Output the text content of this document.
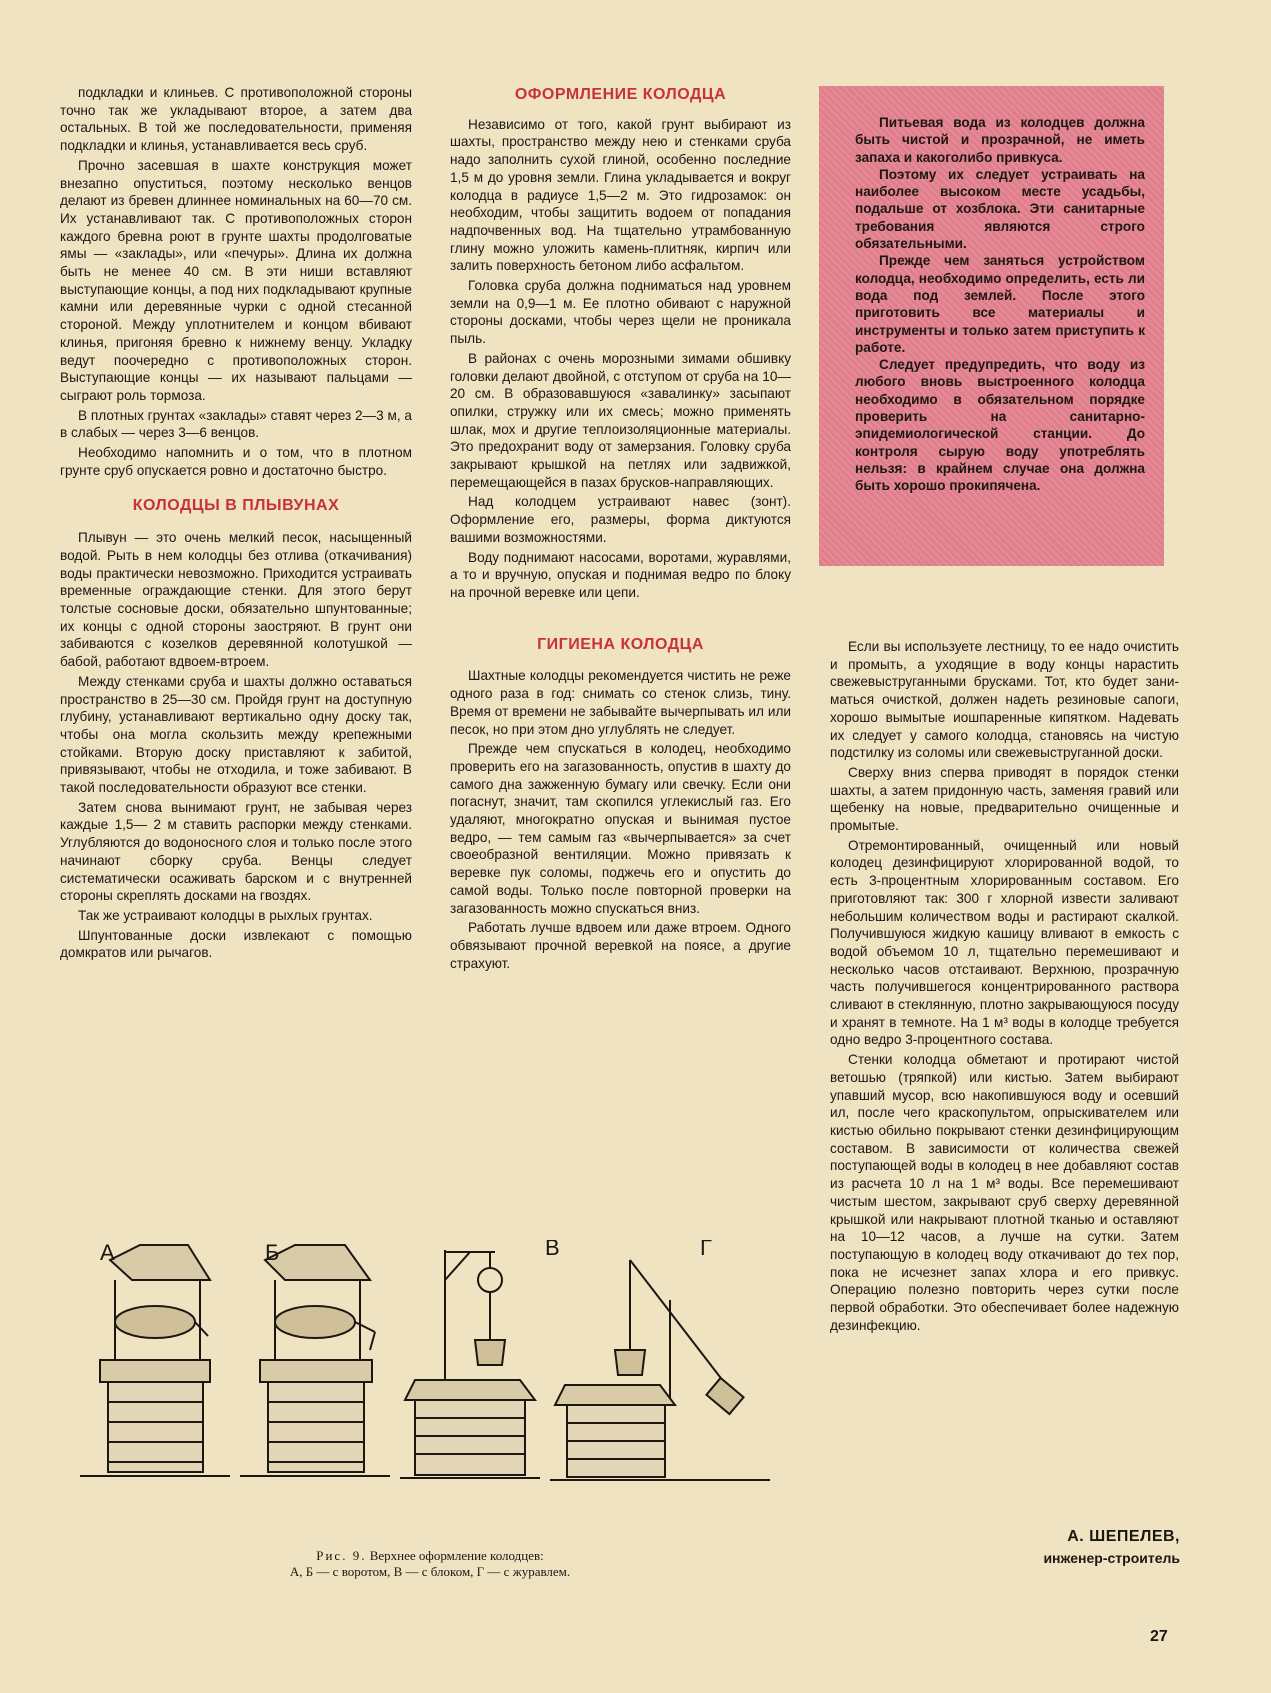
подкладки и клиньев. С противоположной стороны точно так же укладывают второе, а затем два остальных. В той же последовательности, применяя подкладки и клинья, устанавливается весь сруб.

Прочно засевшая в шахте конструкция может внезапно опуститься, поэтому несколько венцов делают из бревен длиннее номинальных на 60—70 см. Их устанавливают так. С противоположных сторон каждого бревна роют в грунте шахты продолговатые ямы — «заклады», или «печуры». Длина их должна быть не менее 40 см. В эти ниши вставляют выступающие концы, а под них подкладывают крупные камни или деревянные чурки с одной стесанной стороной. Между уплотнителем и концом вбивают клинья, пригоняя бревно к нижнему венцу. Укладку ведут поочередно с противоположных сторон. Выступающие концы — их называют пальцами — сыграют роль тормоза.

В плотных грунтах «заклады» ставят через 2—3 м, а в слабых — через 3—6 венцов.

Необходимо напомнить и о том, что в плотном грунте сруб опускается ровно и достаточно быстро.

КОЛОДЦЫ В ПЛЫВУНАХ

Плывун — это очень мелкий песок, насыщенный водой. Рыть в нем колодцы без отлива (откачивания) воды практически невозможно. Приходится устраивать временные ограждающие стенки. Для этого берут толстые сосновые доски, обязательно шпунтованные; их концы с одной стороны заостряют. В грунт они забиваются с козелков деревянной колотушкой — бабой, работают вдвоем-втроем.

Между стенками сруба и шахты должно оставаться пространство в 25—30 см. Пройдя грунт на доступную глубину, устанавливают вертикально одну доску так, чтобы она могла скользить между крепежными стойками. Вторую доску приставляют к забитой, привязывают, чтобы не отходила, и тоже забивают. В такой последовательности образуют все стенки.

Затем снова вынимают грунт, не забывая через каждые 1,5— 2 м ставить распорки между стенками. Углубляются до водоносного слоя и только после этого начинают сборку сруба. Венцы следует систематически осаживать барском и с внутренней стороны скреплять досками на гвоздях.

Так же устраивают колодцы в рыхлых грунтах.

Шпунтованные доски извлекают с помощью домкратов или рычагов.

ОФОРМЛЕНИЕ КОЛОДЦА

Независимо от того, какой грунт выбирают из шахты, пространство между нею и стенками сруба надо заполнить сухой глиной, особенно последние 1,5 м до уровня земли. Глина укладывается и вокруг колодца в радиусе 1,5—2 м. Это гидрозамок: он необходим, чтобы защитить водоем от попадания надпочвенных вод. На тщательно утрамбованную глину можно уложить камень-плитняк, кирпич или залить поверхность бетоном либо асфальтом.

Головка сруба должна подниматься над уровнем земли на 0,9—1 м. Ее плотно обивают с наружной стороны досками, чтобы через щели не проникала пыль.

В районах с очень морозными зимами обшивку головки делают двойной, с отступом от сруба на 10—20 см. В образовавшуюся «завалинку» засыпают опилки, стружку или их смесь; можно применять шлак, мох и другие теплоизоляционные материалы. Это предохранит воду от замерзания. Головку сруба закрывают крышкой на петлях или задвижкой, перемещающейся в пазах брусков-направляющих.

Над колодцем устраивают навес (зонт). Оформление его, размеры, форма диктуются вашими возможностями.

Воду поднимают насосами, воротами, журавлями, а то и вручную, опуская и поднимая ведро по блоку на прочной веревке или цепи.

ГИГИЕНА КОЛОДЦА

Шахтные колодцы рекомендуется чистить не реже одного раза в год: снимать со стенок слизь, тину. Время от времени не забывайте вычерпывать ил или песок, но при этом дно углублять не следует.

Прежде чем спускаться в колодец, необходимо проверить его на загазованность, опустив в шахту до самого дна зажженную бумагу или свечку. Если они погаснут, значит, там скопился углекислый газ. Его удаляют, многократно опуская и вынимая пустое ведро, — тем самым газ «вычерпывается» за счет своеобразной вентиляции. Можно привязать к веревке пук соломы, поджечь его и опустить до самой воды. Только после повторной проверки на загазованность можно спускаться вниз.

Работать лучше вдвоем или даже втроем. Одного обвязывают прочной веревкой на поясе, а другие страхуют.

Питьевая вода из колодцев должна быть чистой и прозрачной, не иметь запаха и какоголибо привкуса.

Поэтому их следует устраивать на наиболее высоком месте усадьбы, подальше от хозблока. Эти санитарные требования являются строго обязательными.

Прежде чем заняться устройством колодца, необходимо определить, есть ли вода под землей. После этого приготовить все материалы и инструменты и только затем приступить к работе.

Следует предупредить, что воду из любого вновь выстроенного колодца необходимо в обязательном порядке проверить на санитарно-эпидемиологической станции. До контроля сырую воду употреблять нельзя: в крайнем случае она должна быть хорошо прокипячена.

Если вы используете лестницу, то ее надо очистить и промыть, а уходящие в воду концы нарастить свежевыструганными брусками. Тот, кто будет заниматься очисткой, должен надеть резиновые сапоги, хорошо вымытые иошпаренные кипятком. Надевать их следует у самого колодца, становясь на чистую подстилку из соломы или свежевыструганной доски.

Сверху вниз сперва приводят в порядок стенки шахты, а затем придонную часть, заменяя гравий или щебенку на новые, предварительно очищенные и промытые.

Отремонтированный, очищенный или новый колодец дезинфицируют хлорированной водой, то есть 3-процентным хлорированным составом. Его приготовляют так: 300 г хлорной извести заливают небольшим количеством воды и растирают скалкой. Получившуюся жидкую кашицу вливают в емкость с водой объемом 10 л, тщательно перемешивают и несколько часов отстаивают. Верхнюю, прозрачную часть получившегося концентрированного раствора сливают в стеклянную, плотно закрывающуюся посуду и хранят в темноте. На 1 м³ воды в колодце требуется одно ведро 3-процентного состава.

Стенки колодца обметают и протирают чистой ветошью (тряпкой) или кистью. Затем выбирают упавший мусор, всю накопившуюся воду и осевший ил, после чего краскопультом, опрыскивателем или кистью обильно покрывают стенки дезинфицирующим составом. В зависимости от количества свежей поступающей воды в колодец в нее добавляют состав из расчета 10 л на 1 м³ воды. Все перемешивают чистым шестом, закрывают сруб сверху деревянной крышкой или накрывают плотной тканью и оставляют на 10—12 часов, а лучше на сутки. Затем поступающую в колодец воду откачивают до тех пор, пока не исчезнет запах хлора и его привкус. Операцию полезно повторить через сутки после первой обработки. Это обеспечивает более надежную дезинфекцию.

А	Б	В	Г
Рис. 9. Верхнее оформление колодцев:
А, Б — с воротом, В — с блоком, Г — с журавлем.
А. ШЕПЕЛЕВ,
инженер-строитель
27
